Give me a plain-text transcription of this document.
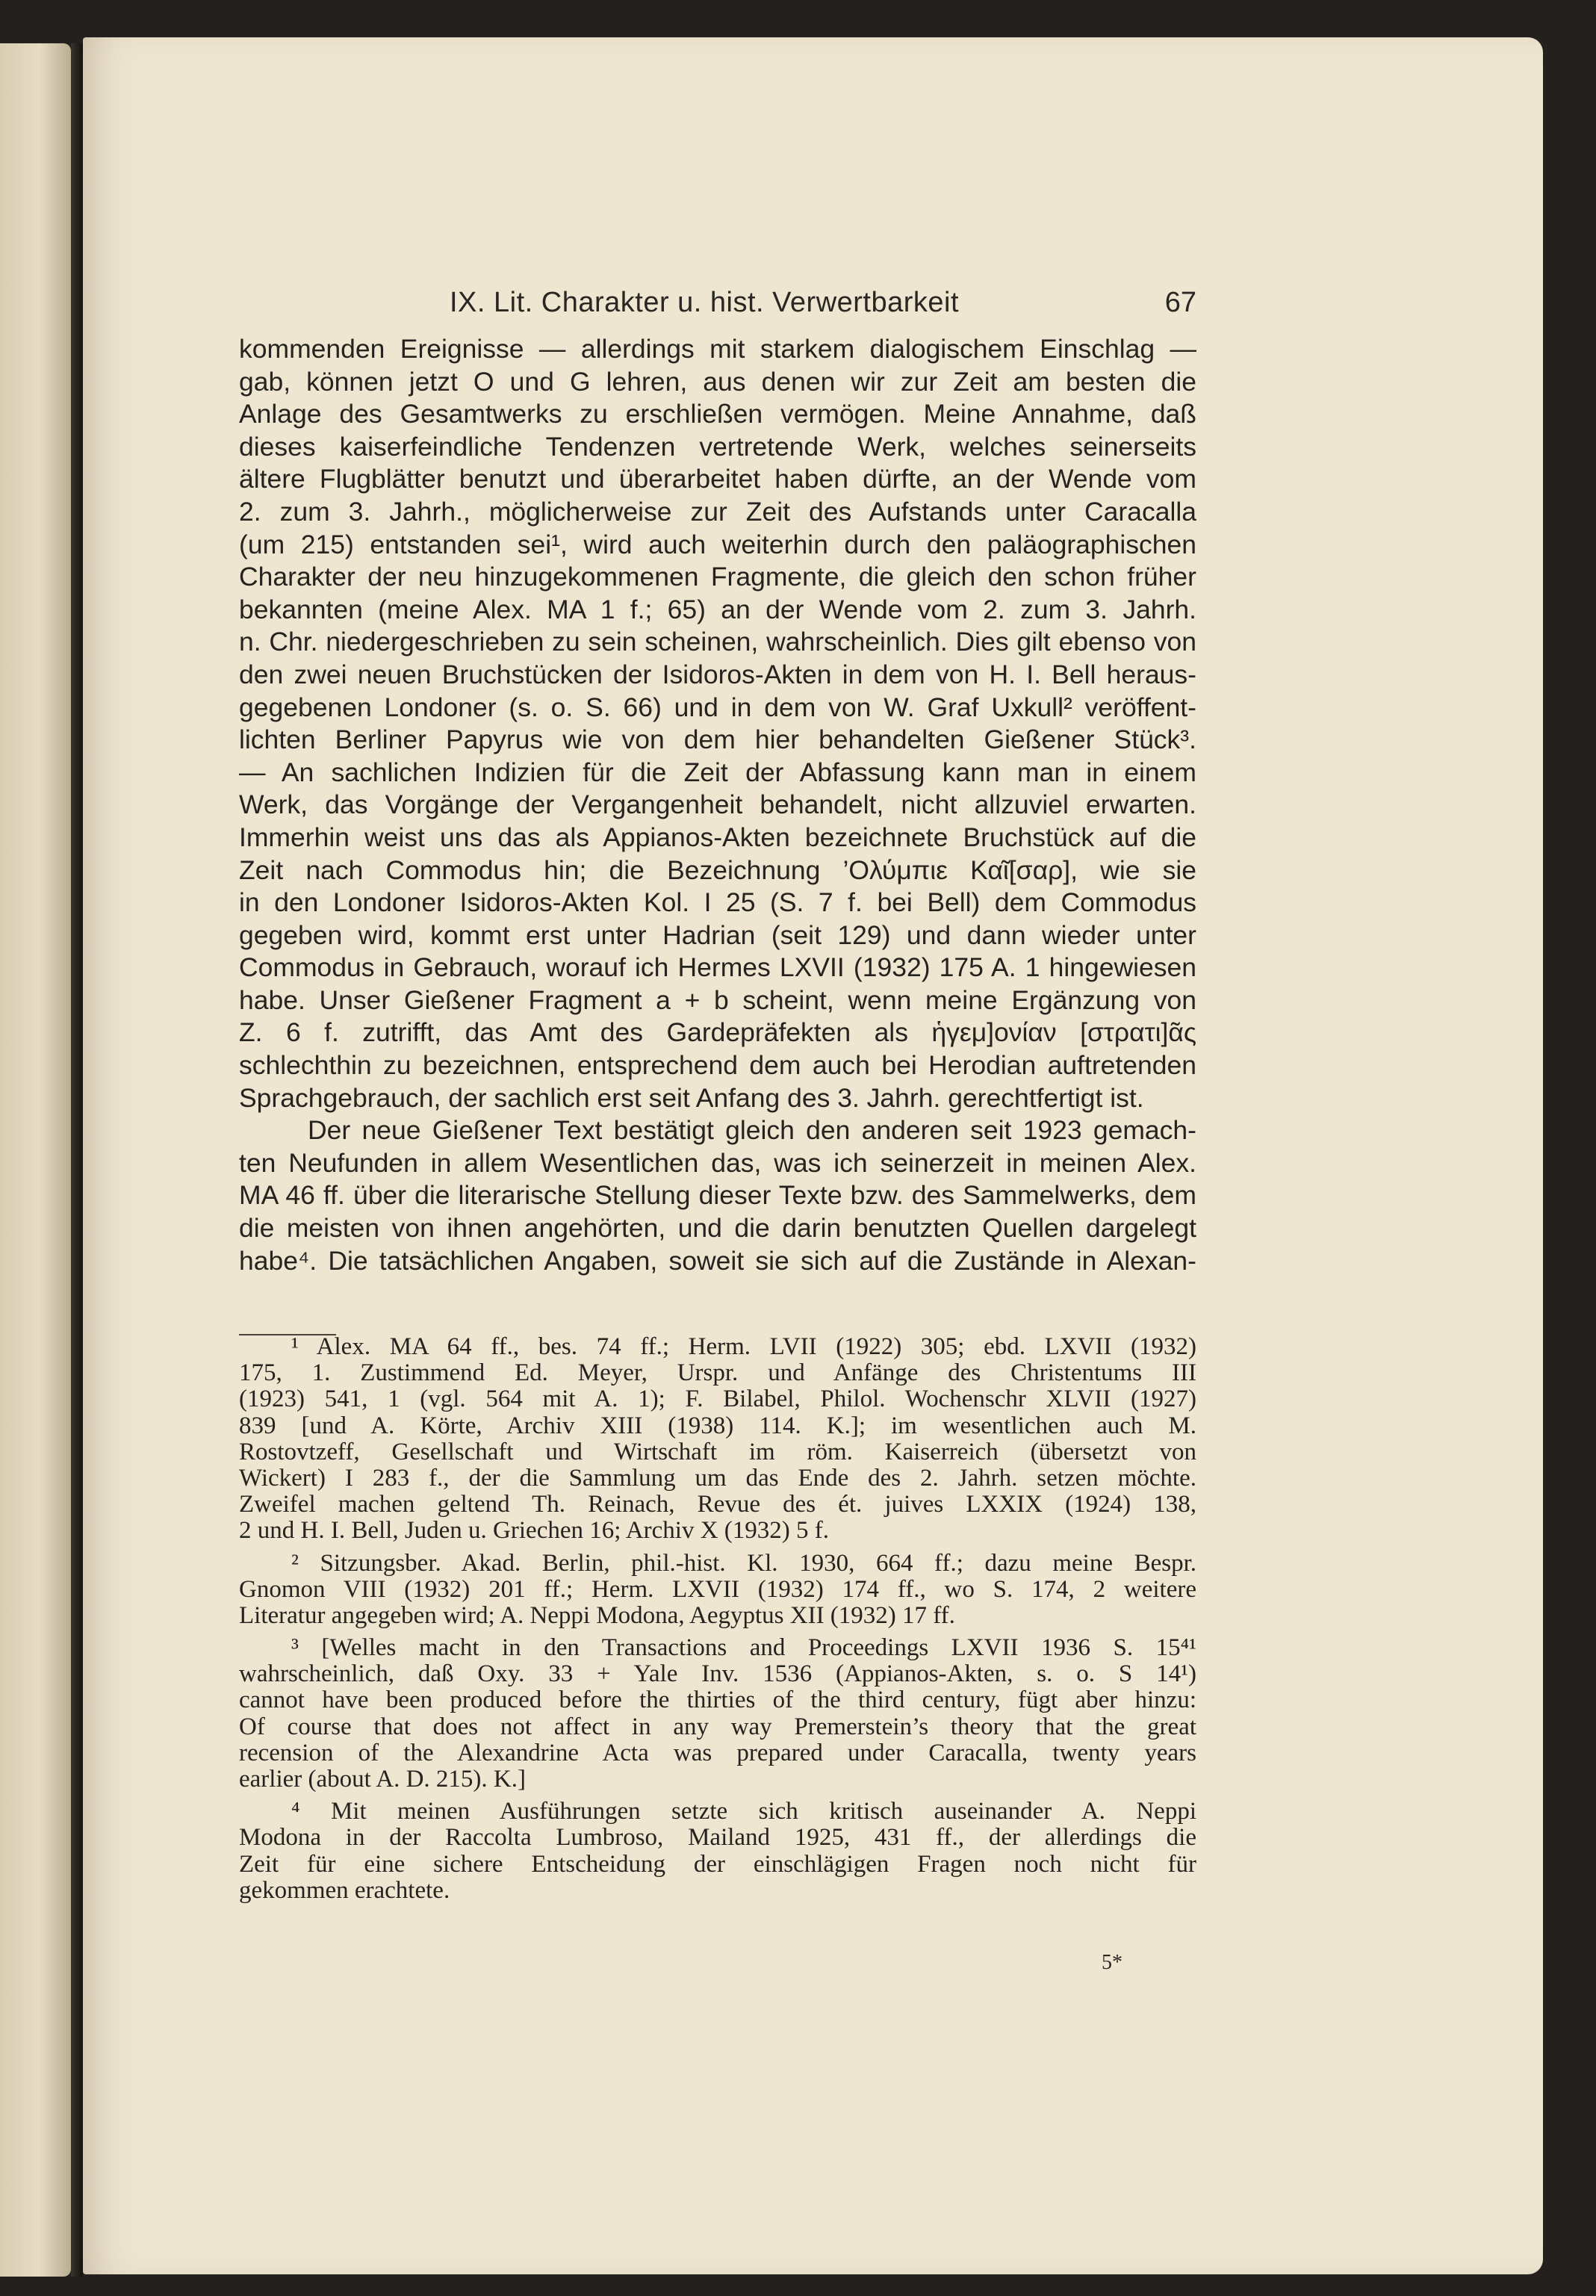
IX. Lit. Charakter u. hist. Verwertbarkeit	67
kommenden Ereignisse — allerdings mit starkem dialogischem Einschlag —
gab, können jetzt O und G lehren, aus denen wir zur Zeit am besten die
Anlage des Gesamtwerks zu erschließen vermögen. Meine Annahme, daß
dieses kaiserfeindliche Tendenzen vertretende Werk, welches seinerseits
ältere Flugblätter benutzt und überarbeitet haben dürfte, an der Wende vom
2. zum 3. Jahrh., möglicherweise zur Zeit des Aufstands unter Caracalla
(um 215) entstanden sei¹, wird auch weiterhin durch den paläographischen
Charakter der neu hinzugekommenen Fragmente, die gleich den schon früher
bekannten (meine Alex. MA 1 f.; 65) an der Wende vom 2. zum 3. Jahrh.
n. Chr. niedergeschrieben zu sein scheinen, wahrscheinlich. Dies gilt ebenso von
den zwei neuen Bruchstücken der Isidoros-Akten in dem von H. I. Bell heraus-
gegebenen Londoner (s. o. S. 66) und in dem von W. Graf Uxkull² veröffent-
lichten Berliner Papyrus wie von dem hier behandelten Gießener Stück³.
— An sachlichen Indizien für die Zeit der Abfassung kann man in einem
Werk, das Vorgänge der Vergangenheit behandelt, nicht allzuviel erwarten.
Immerhin weist uns das als Appianos-Akten bezeichnete Bruchstück auf die
Zeit nach Commodus hin; die Bezeichnung ’Ολύμπιε Καῖ[σαρ], wie sie
in den Londoner Isidoros-Akten Kol. I 25 (S. 7 f. bei Bell) dem Commodus
gegeben wird, kommt erst unter Hadrian (seit 129) und dann wieder unter
Commodus in Gebrauch, worauf ich Hermes LXVII (1932) 175 A. 1 hingewiesen
habe. Unser Gießener Fragment a + b scheint, wenn meine Ergänzung von
Z. 6 f. zutrifft, das Amt des Gardepräfekten als ἡγεμ]ονίαν [στρατι]ᾶς
schlechthin zu bezeichnen, entsprechend dem auch bei Herodian auftretenden
Sprachgebrauch, der sachlich erst seit Anfang des 3. Jahrh. gerechtfertigt ist.
Der neue Gießener Text bestätigt gleich den anderen seit 1923 gemach-
ten Neufunden in allem Wesentlichen das, was ich seinerzeit in meinen Alex.
MA 46 ff. über die literarische Stellung dieser Texte bzw. des Sammelwerks, dem
die meisten von ihnen angehörten, und die darin benutzten Quellen dargelegt
habe⁴. Die tatsächlichen Angaben, soweit sie sich auf die Zustände in Alexan-
¹ Alex. MA 64 ff., bes. 74 ff.; Herm. LVII (1922) 305; ebd. LXVII (1932)
175, 1. Zustimmend Ed. Meyer, Urspr. und Anfänge des Christentums III
(1923) 541, 1 (vgl. 564 mit A. 1); F. Bilabel, Philol. Wochenschr XLVII (1927)
839 [und A. Körte, Archiv XIII (1938) 114. K.]; im wesentlichen auch M.
Rostovtzeff, Gesellschaft und Wirtschaft im röm. Kaiserreich (übersetzt von
Wickert) I 283 f., der die Sammlung um das Ende des 2. Jahrh. setzen möchte.
Zweifel machen geltend Th. Reinach, Revue des ét. juives LXXIX (1924) 138,
2 und H. I. Bell, Juden u. Griechen 16; Archiv X (1932) 5 f.
² Sitzungsber. Akad. Berlin, phil.-hist. Kl. 1930, 664 ff.; dazu meine Bespr.
Gnomon VIII (1932) 201 ff.; Herm. LXVII (1932) 174 ff., wo S. 174, 2 weitere
Literatur angegeben wird; A. Neppi Modona, Aegyptus XII (1932) 17 ff.
³ [Welles macht in den Transactions and Proceedings LXVII 1936 S. 15⁴¹
wahrscheinlich, daß Oxy. 33 + Yale Inv. 1536 (Appianos-Akten, s. o. S 14¹)
cannot have been produced before the thirties of the third century, fügt aber hinzu:
Of course that does not affect in any way Premerstein’s theory that the great
recension of the Alexandrine Acta was prepared under Caracalla, twenty years
earlier (about A. D. 215). K.]
⁴ Mit meinen Ausführungen setzte sich kritisch auseinander A. Neppi
Modona in der Raccolta Lumbroso, Mailand 1925, 431 ff., der allerdings die
Zeit für eine sichere Entscheidung der einschlägigen Fragen noch nicht für
gekommen erachtete.
5*
